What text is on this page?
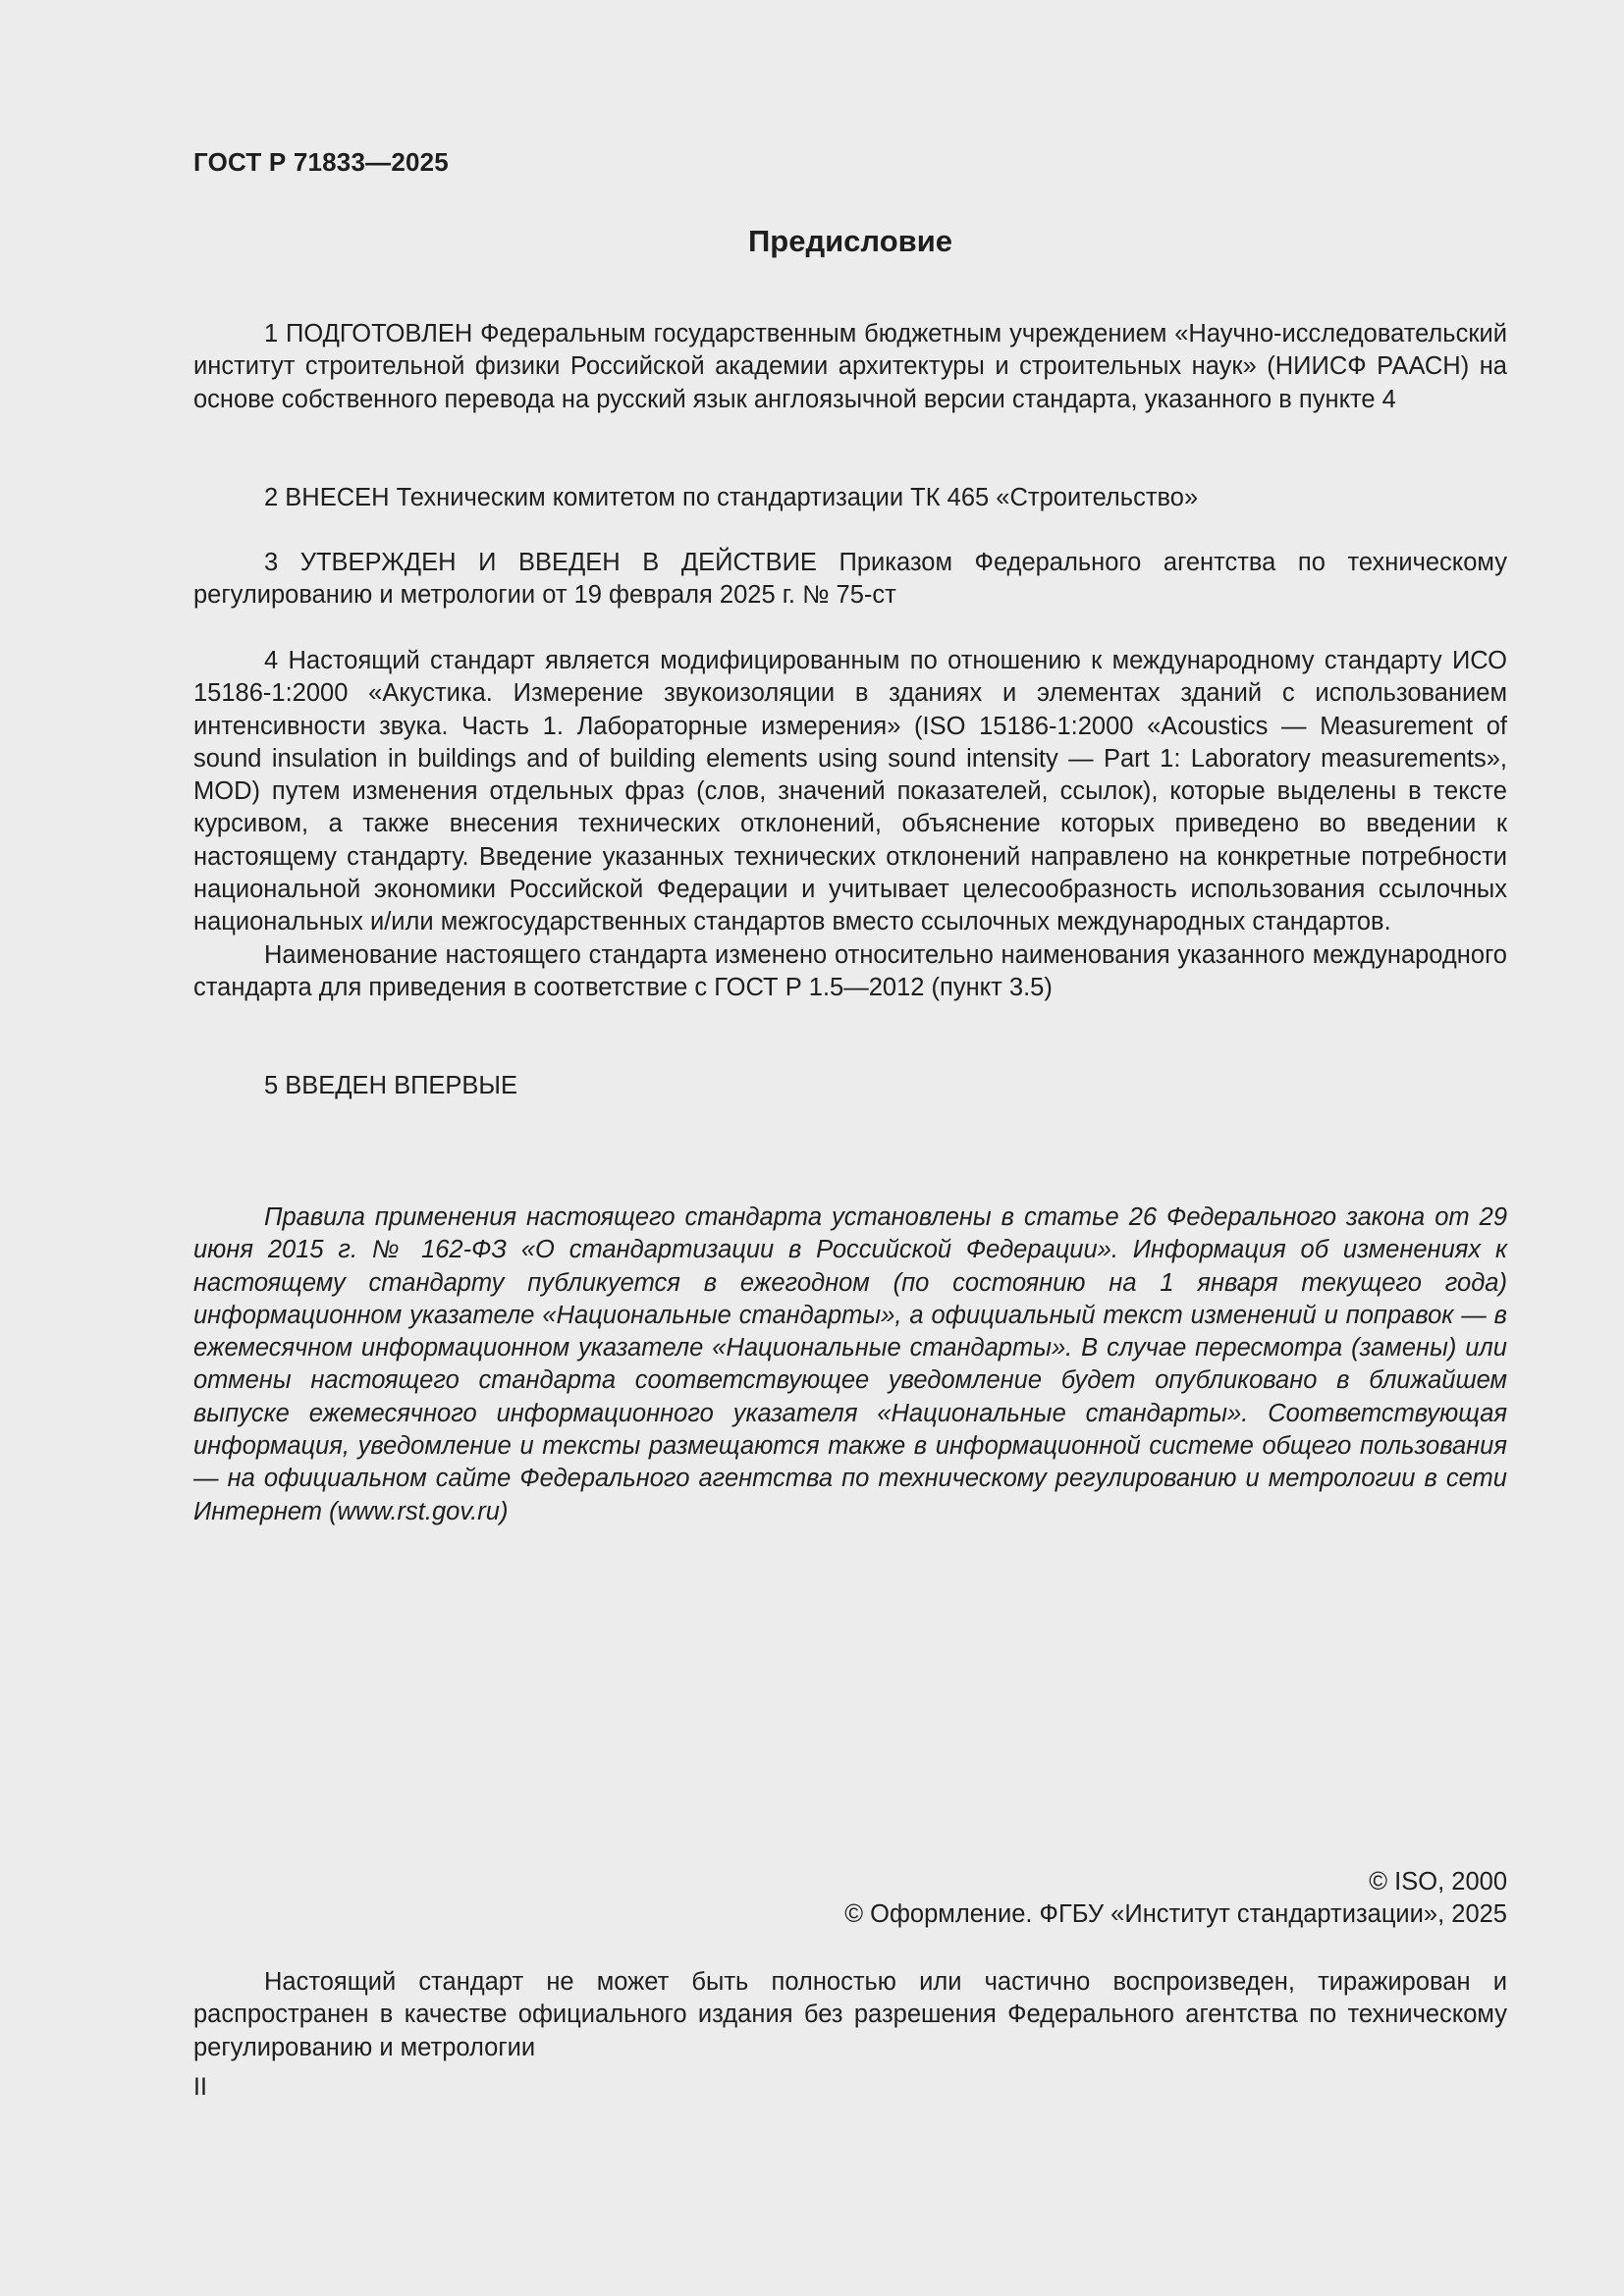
ГОСТ Р 71833—2025
Предисловие

1 ПОДГОТОВЛЕН Федеральным государственным бюджетным учреждением «Научно-исследовательский институт строительной физики Российской академии архитектуры и строительных наук» (НИИСФ РААСН) на основе собственного перевода на русский язык англоязычной версии стандарта, указанного в пункте 4

2 ВНЕСЕН Техническим комитетом по стандартизации ТК 465 «Строительство»

3 УТВЕРЖДЕН И ВВЕДЕН В ДЕЙСТВИЕ Приказом Федерального агентства по техническому регулированию и метрологии от 19 февраля 2025 г. № 75-ст

4 Настоящий стандарт является модифицированным по отношению к международному стандарту ИСО 15186-1:2000 «Акустика. Измерение звукоизоляции в зданиях и элементах зданий с использованием интенсивности звука. Часть 1. Лабораторные измерения» (ISO 15186-1:2000 «Acoustics — Measurement of sound insulation in buildings and of building elements using sound intensity — Part 1: Laboratory measurements», MOD) путем изменения отдельных фраз (слов, значений показателей, ссылок), которые выделены в тексте курсивом, а также внесения технических отклонений, объяснение которых приведено во введении к настоящему стандарту. Введение указанных технических отклонений направлено на конкретные потребности национальной экономики Российской Федерации и учитывает целесообразность использования ссылочных национальных и/или межгосударственных стандартов вместо ссылочных международных стандартов.

Наименование настоящего стандарта изменено относительно наименования указанного международного стандарта для приведения в соответствие с ГОСТ Р 1.5—2012 (пункт 3.5)

5 ВВЕДЕН ВПЕРВЫЕ

Правила применения настоящего стандарта установлены в статье 26 Федерального закона от 29 июня 2015 г. № 162-ФЗ «О стандартизации в Российской Федерации». Информация об изменениях к настоящему стандарту публикуется в ежегодном (по состоянию на 1 января текущего года) информационном указателе «Национальные стандарты», а официальный текст изменений и поправок — в ежемесячном информационном указателе «Национальные стандарты». В случае пересмотра (замены) или отмены настоящего стандарта соответствующее уведомление будет опубликовано в ближайшем выпуске ежемесячного информационного указателя «Национальные стандарты». Соответствующая информация, уведомление и тексты размещаются также в информационной системе общего пользования — на официальном сайте Федерального агентства по техническому регулированию и метрологии в сети Интернет (www.rst.gov.ru)

© ISO, 2000
© Оформление. ФГБУ «Институт стандартизации», 2025

Настоящий стандарт не может быть полностью или частично воспроизведен, тиражирован и распространен в качестве официального издания без разрешения Федерального агентства по техническому регулированию и метрологии

II
